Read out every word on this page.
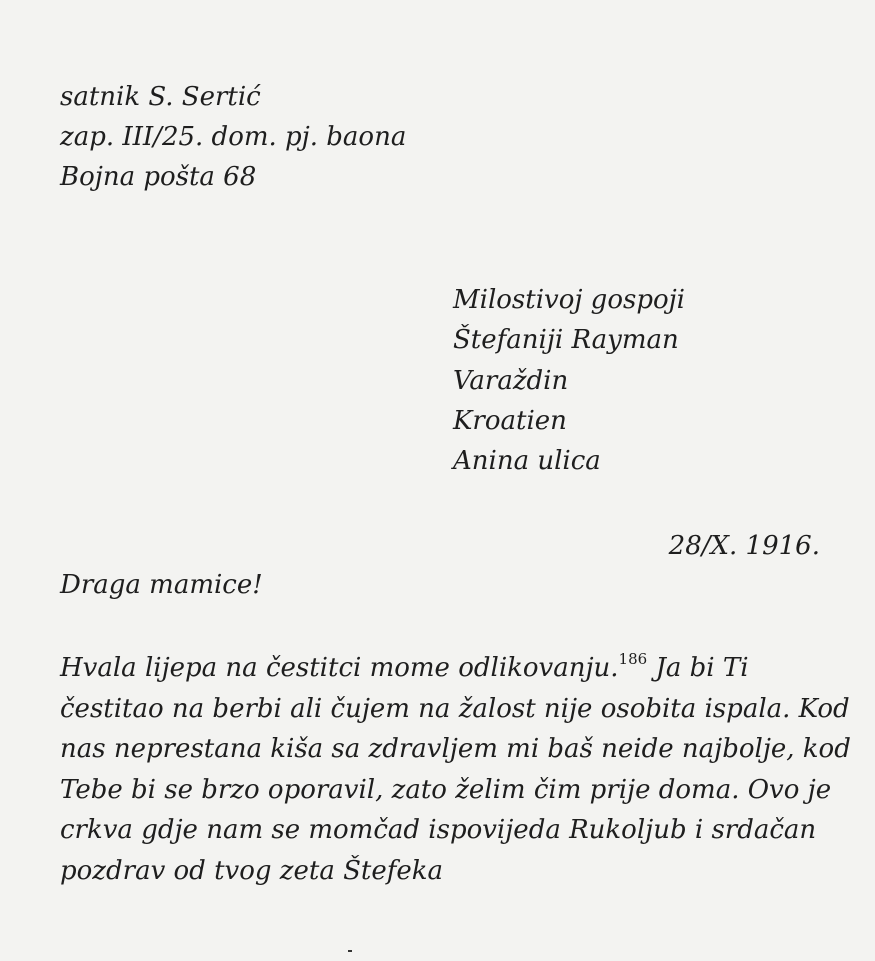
satnik S. Sertić
zap. III/25. dom. pj. baona
Bojna pošta 68
Milostivoj gospoji
Štefaniji Rayman
Varaždin
Kroatien
Anina ulica
28/X. 1916.
Draga mamice!
Hvala lijepa na čestitci mome odlikovanju.$^{186}$ Ja bi Ti
čestitao na berbi ali čujem na žalost nije osobita ispala. Kod
nas neprestana kiša sa zdravljem mi baš neide najbolje, kod
Tebe bi se brzo oporavil, zato želim čim prije doma. Ovo je
crkva gdje nam se momčad ispovijeda Rukoljub i srdačan
pozdrav od tvog zeta Štefeka
